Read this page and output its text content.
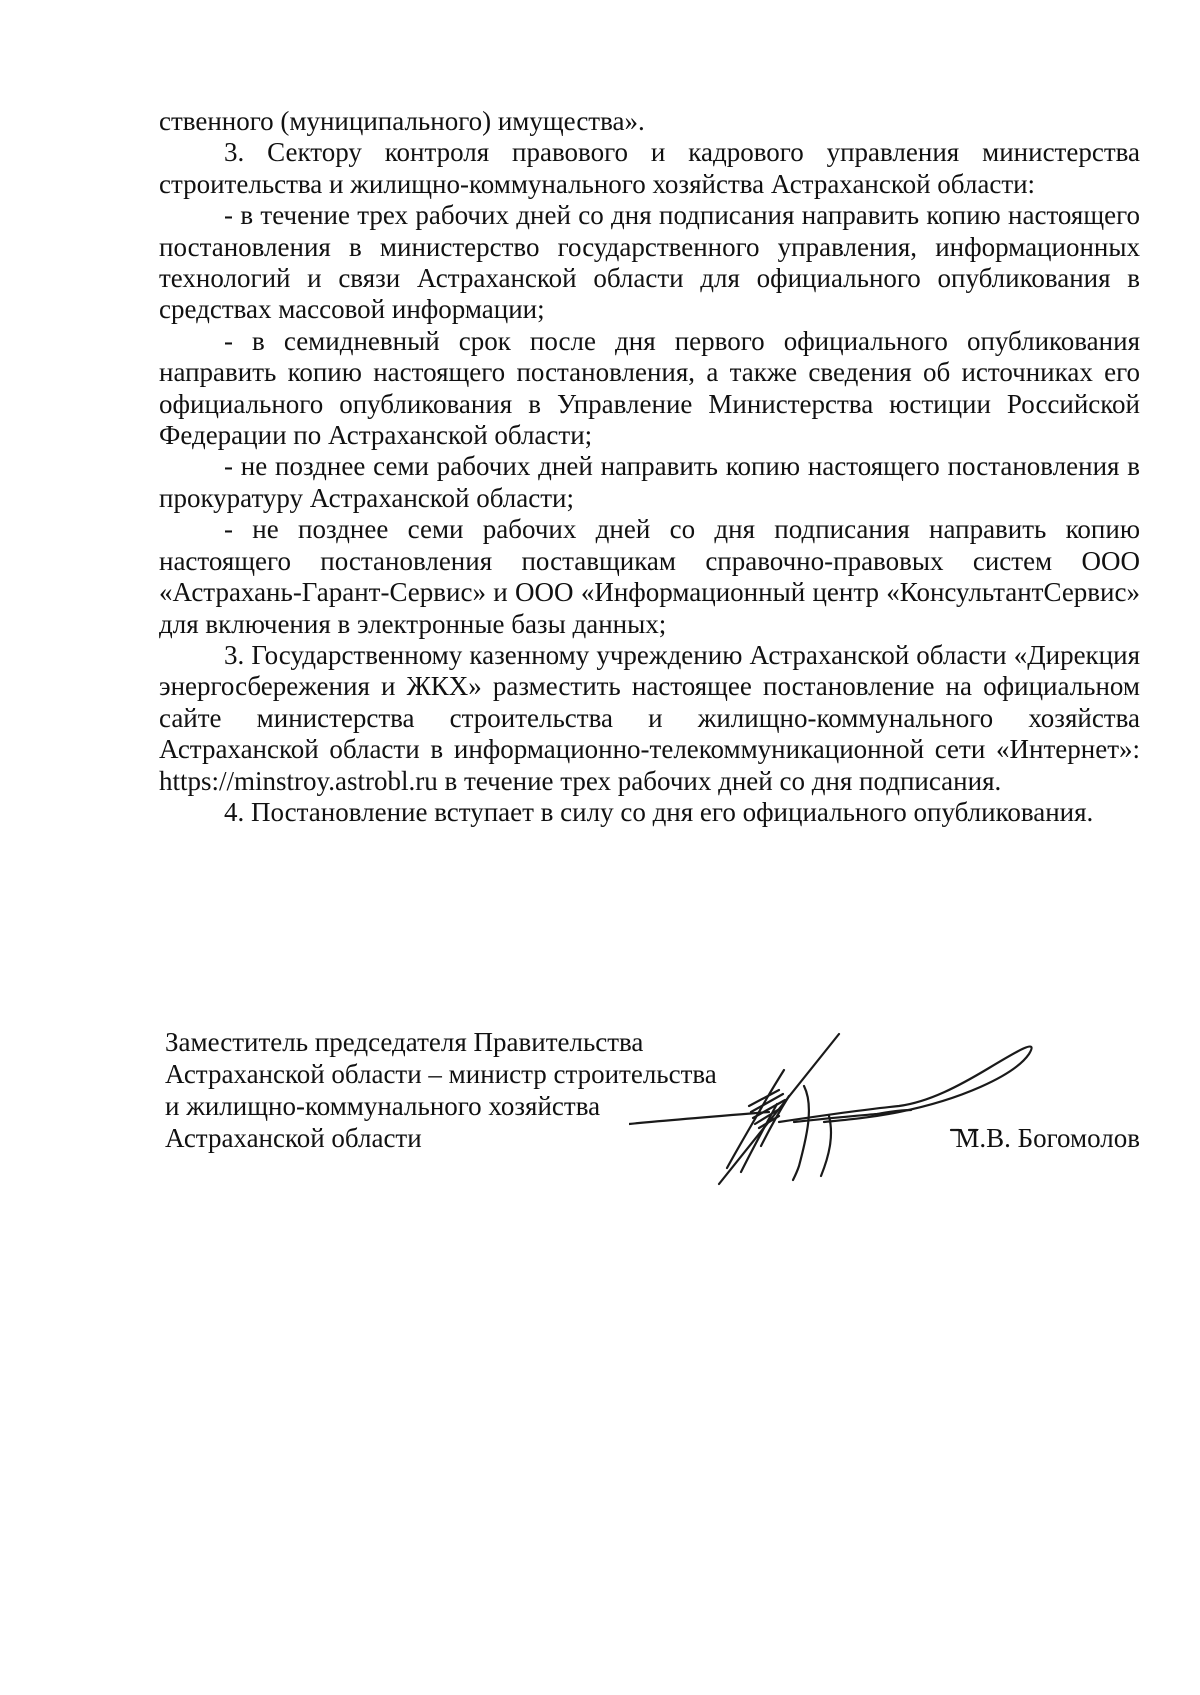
ственного (муниципального) имущества».

3. Сектору контроля правового и кадрового управления министерства строительства и жилищно-коммунального хозяйства Астраханской области:

- в течение трех рабочих дней со дня подписания направить копию настоящего постановления в министерство государственного управления, информационных технологий и связи Астраханской области для официального опубликования в средствах массовой информации;

- в семидневный срок после дня первого официального опубликования направить копию настоящего постановления, а также сведения об источниках его официального опубликования в Управление Министерства юстиции Российской Федерации по Астраханской области;

- не позднее семи рабочих дней направить копию настоящего постановления в прокуратуру Астраханской области;

- не позднее семи рабочих дней со дня подписания направить копию настоящего постановления поставщикам справочно-правовых систем ООО «Астрахань-Гарант-Сервис» и ООО «Информационный центр «КонсультантСервис» для включения в электронные базы данных;

3. Государственному казенному учреждению Астраханской области «Дирекция энергосбережения и ЖКХ» разместить настоящее постановление на официальном сайте министерства строительства и жилищно-коммунального хозяйства Астраханской области в информационно-телекоммуникационной сети «Интернет»: https://minstroy.astrobl.ru в течение трех рабочих дней со дня подписания.

4. Постановление вступает в силу со дня его официального опубликования.

Заместитель председателя Правительства
Астраханской области – министр строительства
и жилищно-коммунального хозяйства
Астраханской области	М.В. Богомолов
